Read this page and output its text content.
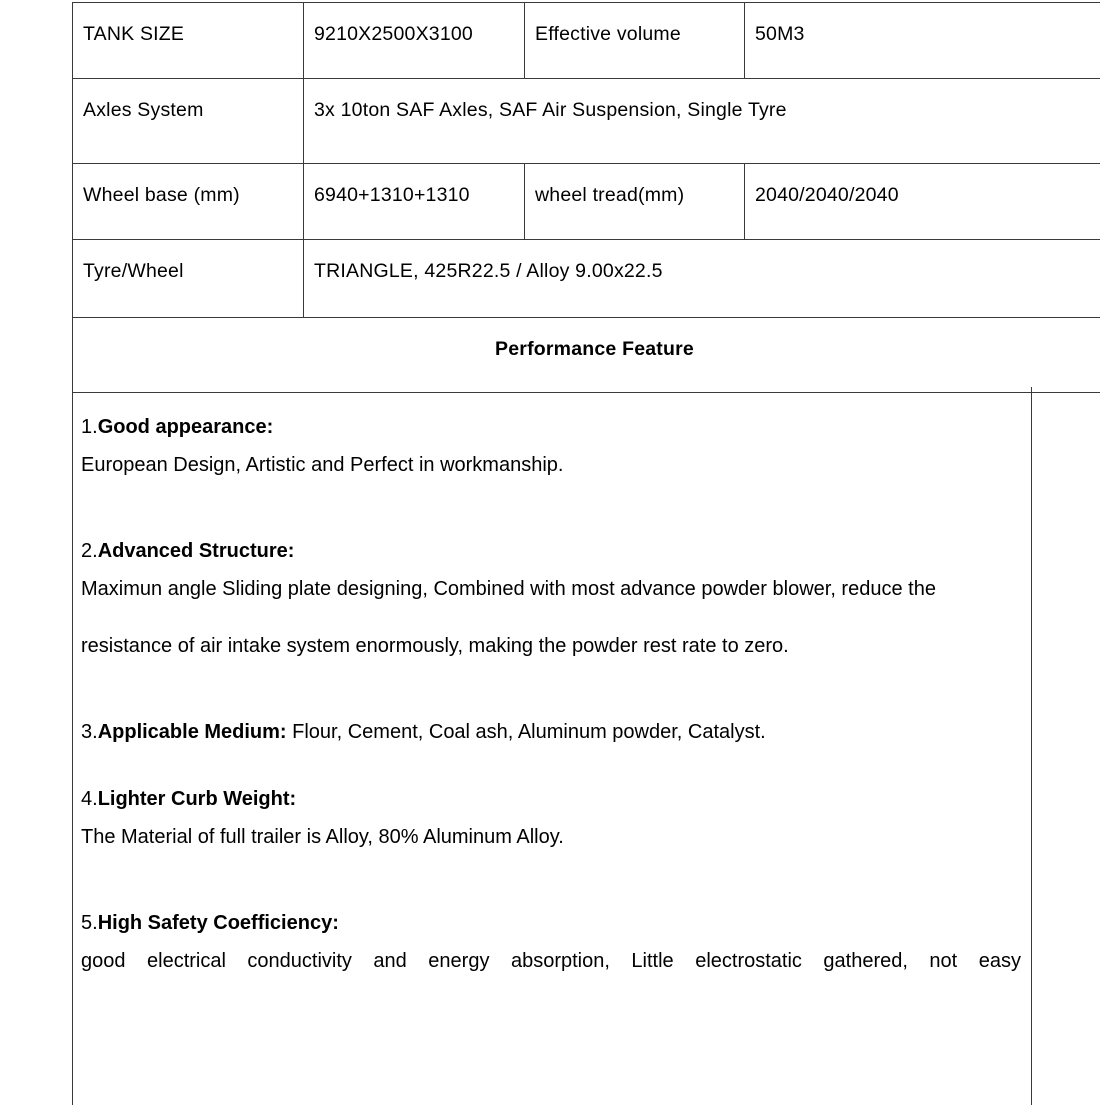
TANK SIZE	9210X2500X3100	Effective volume	50M3

Axles System	3x 10ton SAF Axles, SAF Air Suspension, Single Tyre		

Wheel base (mm)	6940+1310+1310	wheel tread(mm)	2040/2040/2040

Tyre/Wheel	TRIANGLE, 425R22.5 / Alloy 9.00x22.5		

Performance Feature			
1.Good appearance:
European Design, Artistic and Perfect in workmanship.
2.Advanced Structure:
Maximun angle Sliding plate designing, Combined with most advance powder blower, reduce the resistance of air intake system enormously, making the powder rest rate to zero.
3.Applicable Medium: Flour, Cement, Coal ash, Aluminum powder, Catalyst.
4.Lighter Curb Weight:
The Material of full trailer is Alloy, 80% Aluminum Alloy.
5.High Safety Coefficiency:
good electrical conductivity and energy absorption, Little electrostatic gathered, not easy
